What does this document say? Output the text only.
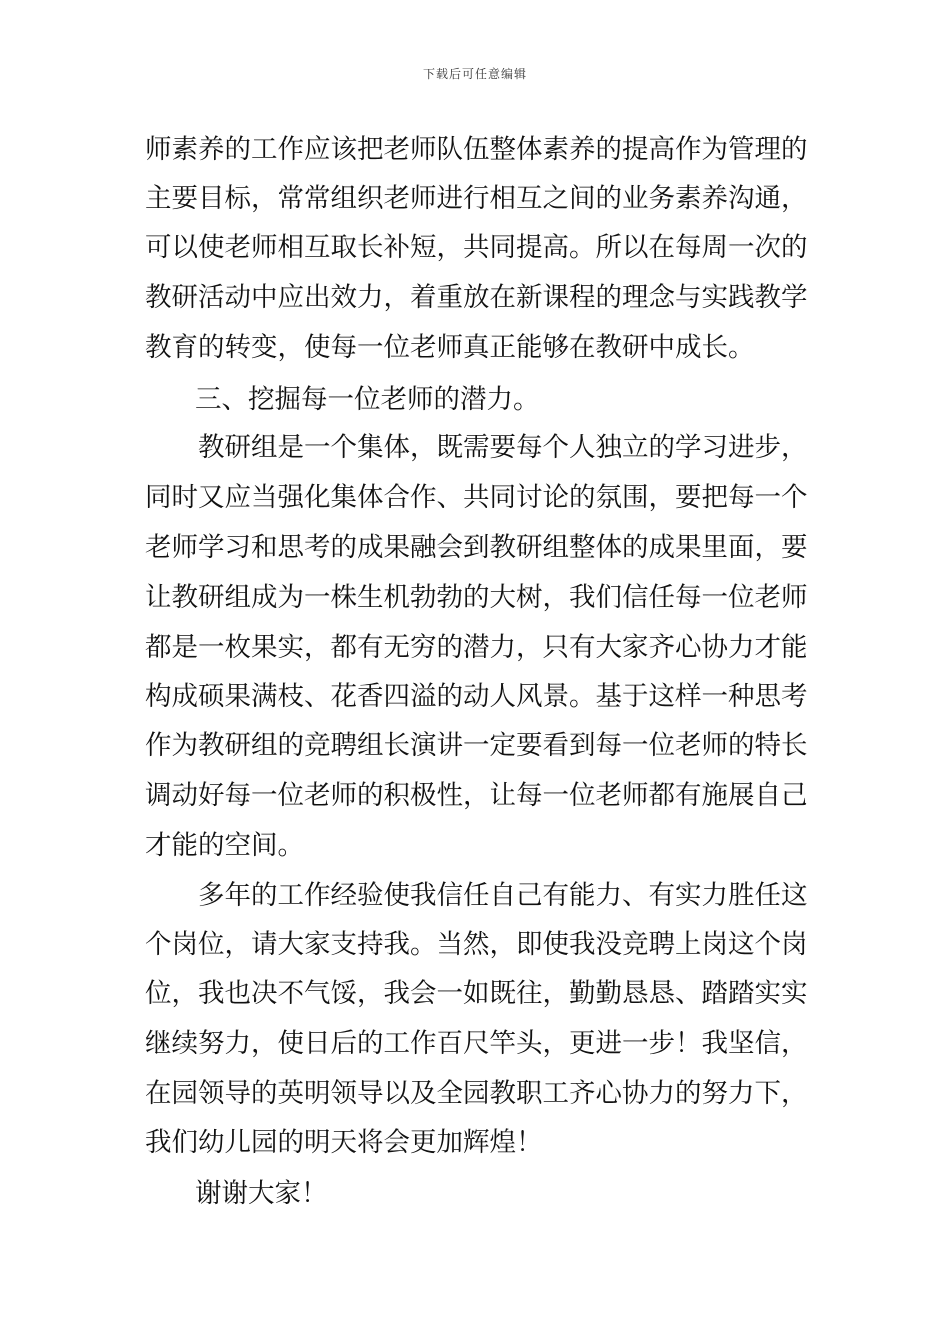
下载后可任意编辑
师素养的工作应该把老师队伍整体素养的提高作为管理的
主要目标，常常组织老师进行相互之间的业务素养沟通，
可以使老师相互取长补短，共同提高。所以在每周一次的
教研活动中应出效力，着重放在新课程的理念与实践教学
教育的转变，使每一位老师真正能够在教研中成长。
三、挖掘每一位老师的潜力。
教研组是一个集体，既需要每个人独立的学习进步，
同时又应当强化集体合作、共同讨论的氛围，要把每一个
老师学习和思考的成果融会到教研组整体的成果里面，要
让教研组成为一株生机勃勃的大树，我们信任每一位老师
都是一枚果实，都有无穷的潜力，只有大家齐心协力才能
构成硕果满枝、花香四溢的动人风景。基于这样一种思考
作为教研组的竞聘组长演讲一定要看到每一位老师的特长
调动好每一位老师的积极性，让每一位老师都有施展自己
才能的空间。
多年的工作经验使我信任自己有能力、有实力胜任这
个岗位，请大家支持我。当然，即使我没竞聘上岗这个岗
位，我也决不气馁，我会一如既往，勤勤恳恳、踏踏实实
继续努力，使日后的工作百尺竿头，更进一步！我坚信，
在园领导的英明领导以及全园教职工齐心协力的努力下，
我们幼儿园的明天将会更加辉煌！
谢谢大家！
